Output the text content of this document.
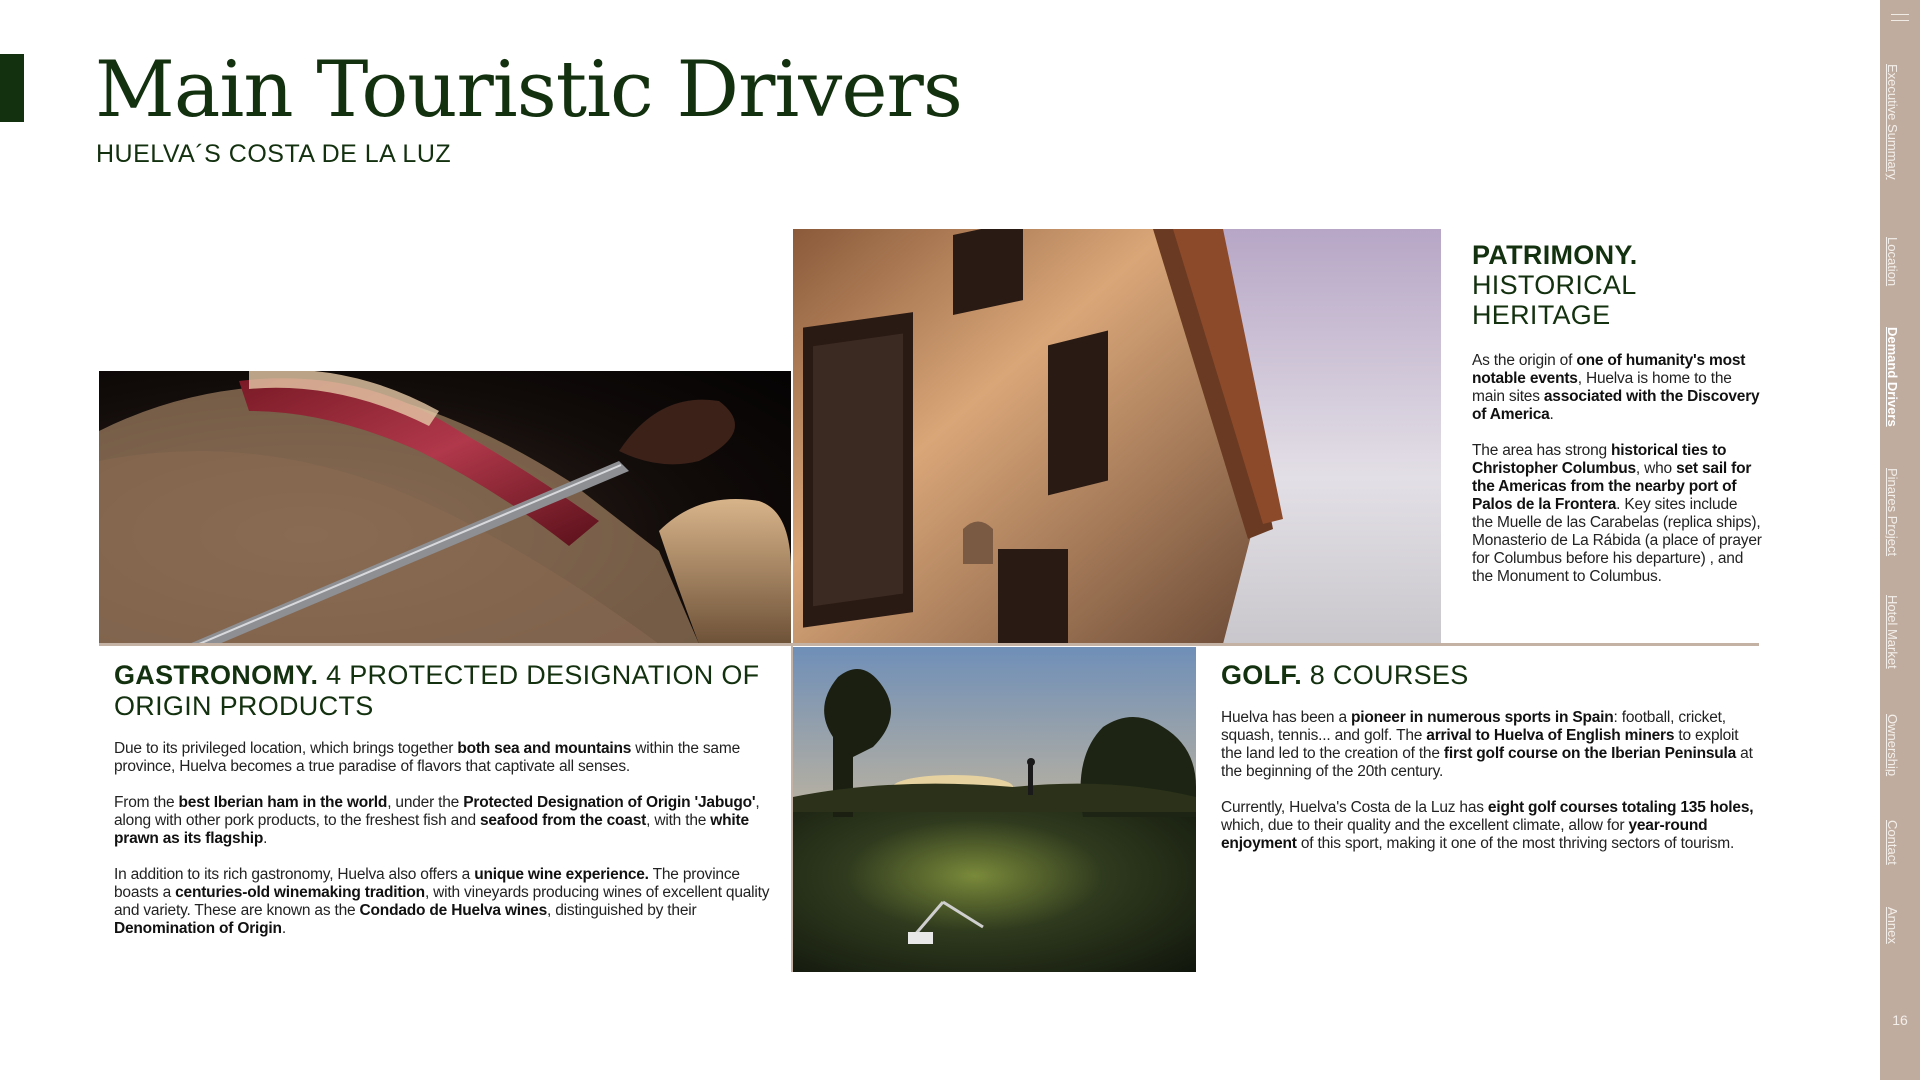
Main Touristic Drivers
HUELVA´S COSTA DE LA LUZ
PATRIMONY.
HISTORICAL
HERITAGE

As the origin of one of humanity's most notable events, Huelva is home to the main sites associated with the Discovery of America.

The area has strong historical ties to Christopher Columbus, who set sail for the Americas from the nearby port of Palos de la Frontera. Key sites include the Muelle de las Carabelas (replica ships), Monasterio de La Rábida (a place of prayer for Columbus before his departure) , and the Monument to Columbus.

GASTRONOMY. 4 PROTECTED DESIGNATION OF ORIGIN PRODUCTS

Due to its privileged location, which brings together both sea and mountains within the same province, Huelva becomes a true paradise of flavors that captivate all senses.

From the best Iberian ham in the world, under the Protected Designation of Origin 'Jabugo', along with other pork products, to the freshest fish and seafood from the coast, with the white prawn as its flagship.

In addition to its rich gastronomy, Huelva also offers a unique wine experience. The province boasts a centuries-old winemaking tradition, with vineyards producing wines of excellent quality and variety. These are known as the Condado de Huelva wines, distinguished by their Denomination of Origin.

GOLF. 8 COURSES

Huelva has been a pioneer in numerous sports in Spain: football, cricket, squash, tennis... and golf. The arrival to Huelva of English miners to exploit the land led to the creation of the first golf course on the Iberian Peninsula at the beginning of the 20th century.

Currently, Huelva's Costa de la Luz has eight golf courses totaling 135 holes, which, due to their quality and the excellent climate, allow for year-round enjoyment of this sport, making it one of the most thriving sectors of tourism.

Executive Summary
Location
Demand Drivers
Pinares Project
Hotel Market
Ownership
Contact
Annex
16
